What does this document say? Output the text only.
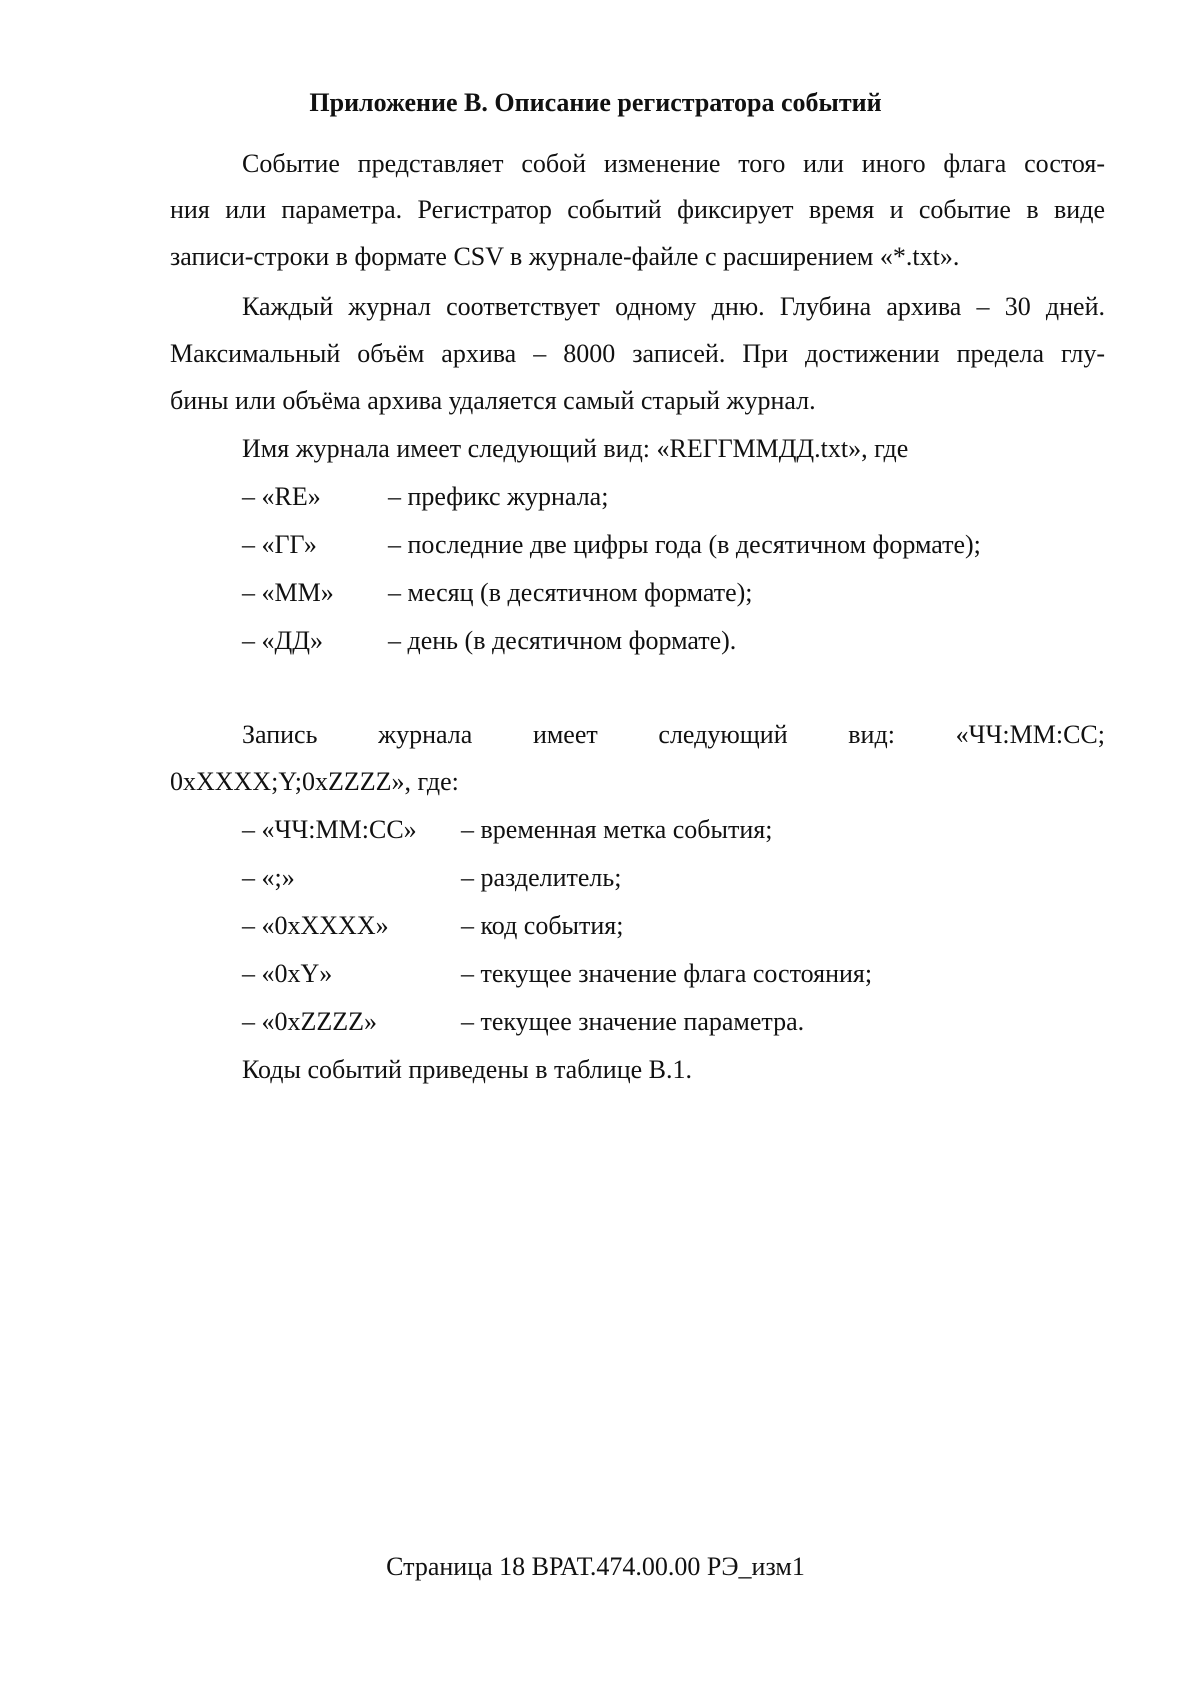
Приложение В. Описание регистратора событий
Событие представляет собой изменение того или иного флага состоя-
ния или параметра. Регистратор событий фиксирует время и событие в виде
записи-строки в формате CSV в журнале-файле с расширением «*.txt».
Каждый журнал соответствует одному дню. Глубина архива – 30 дней.
Максимальный объём архива – 8000 записей. При достижении предела глу-
бины или объёма архива удаляется самый старый журнал.
Имя журнала имеет следующий вид: «REГГММДД.txt», где
– «RE»	– префикс журнала;
– «ГГ»	– последние две цифры года (в десятичном формате);
– «ММ» – месяц (в десятичном формате);
– «ДД»	– день (в десятичном формате).
Запись журнала имеет следующий вид: «ЧЧ:ММ:СС;
0xXXXX;Y;0xZZZZ», где:
– «ЧЧ:ММ:СС» – временная метка события;
– «;»	– разделитель;
– «0xXXXX»	– код события;
– «0xY»	– текущее значение флага состояния;
– «0xZZZZ»	– текущее значение параметра.
Коды событий приведены в таблице В.1.
Страница 18 ВРАТ.474.00.00 РЭ_изм1
